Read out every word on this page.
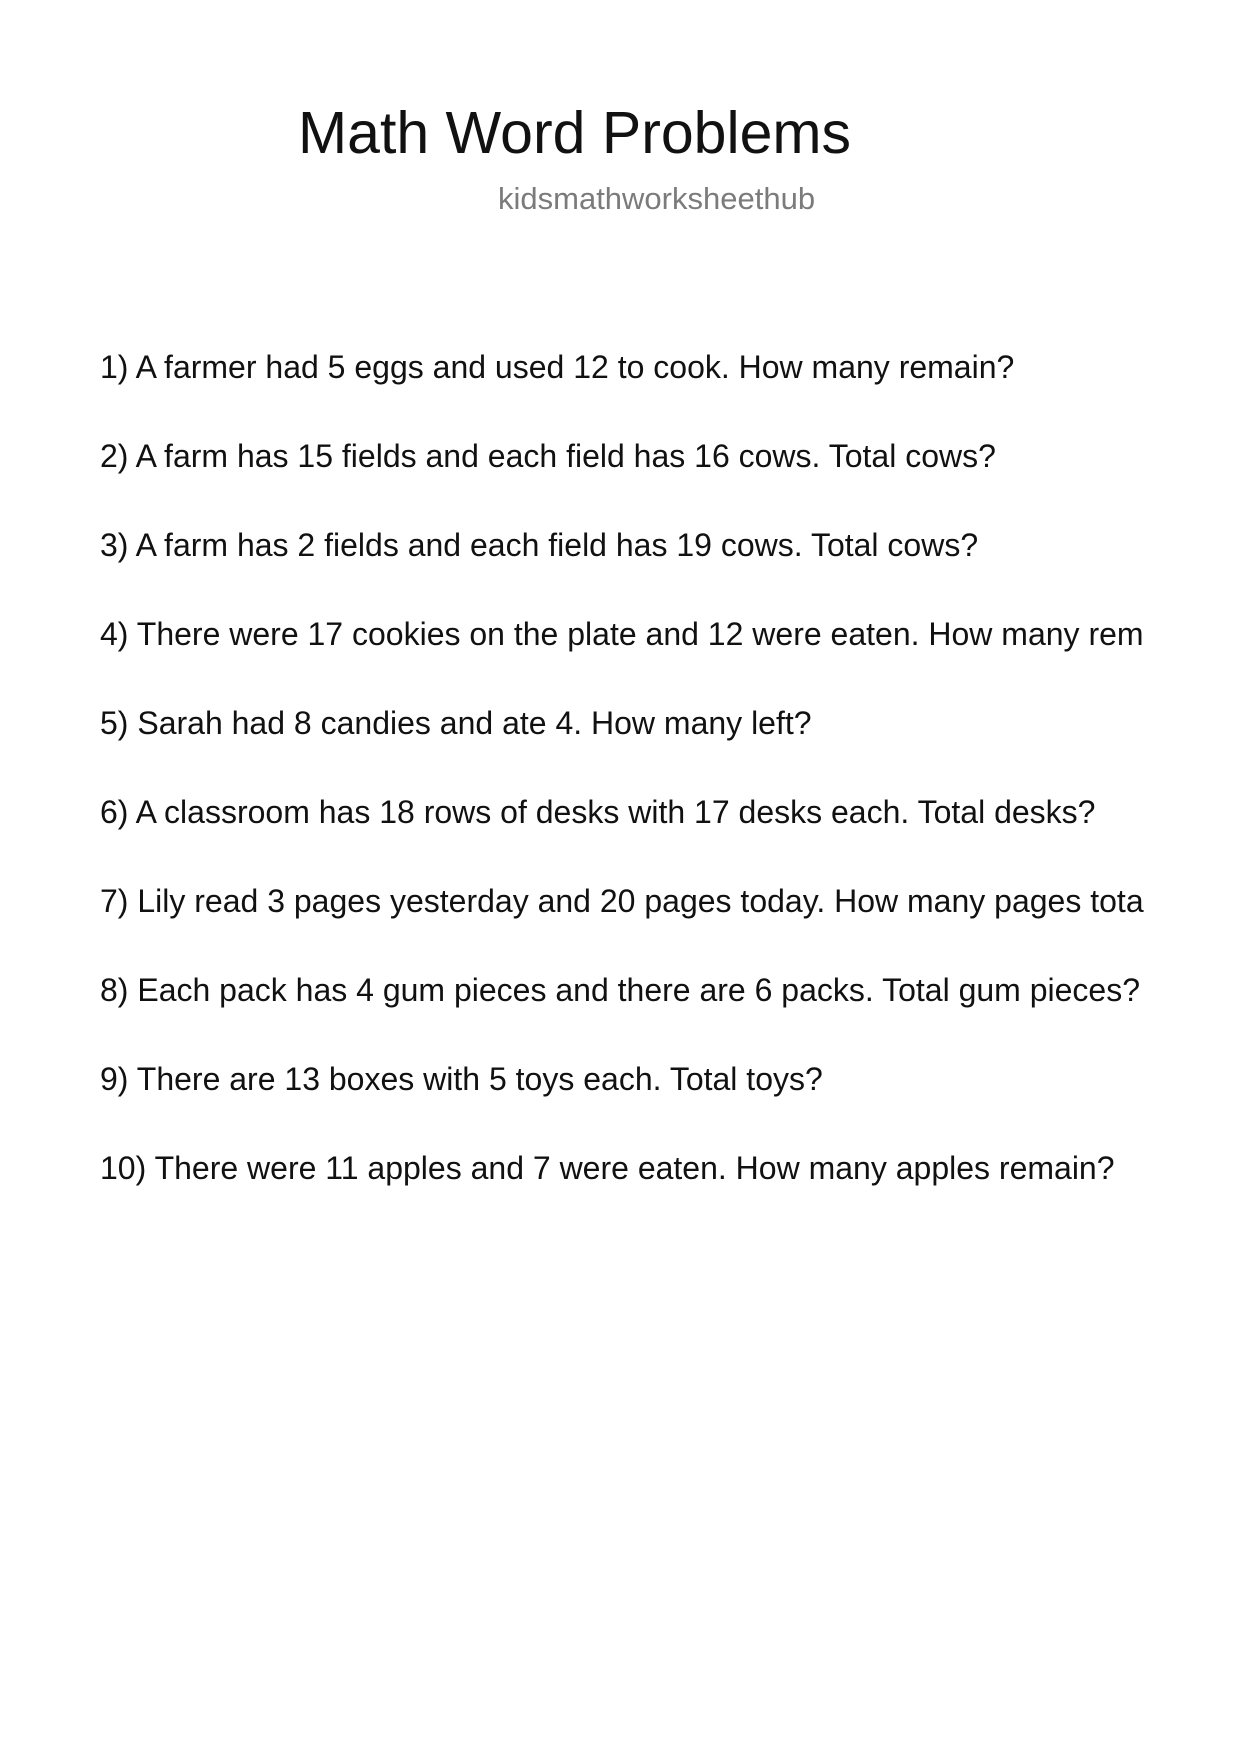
Math Word Problems
kidsmathworksheethub
1) A farmer had 5 eggs and used 12 to cook. How many remain?
2) A farm has 15 fields and each field has 16 cows. Total cows?
3) A farm has 2 fields and each field has 19 cows. Total cows?
4) There were 17 cookies on the plate and 12 were eaten. How many rem
5) Sarah had 8 candies and ate 4. How many left?
6) A classroom has 18 rows of desks with 17 desks each. Total desks?
7) Lily read 3 pages yesterday and 20 pages today. How many pages tota
8) Each pack has 4 gum pieces and there are 6 packs. Total gum pieces?
9) There are 13 boxes with 5 toys each. Total toys?
10) There were 11 apples and 7 were eaten. How many apples remain?
